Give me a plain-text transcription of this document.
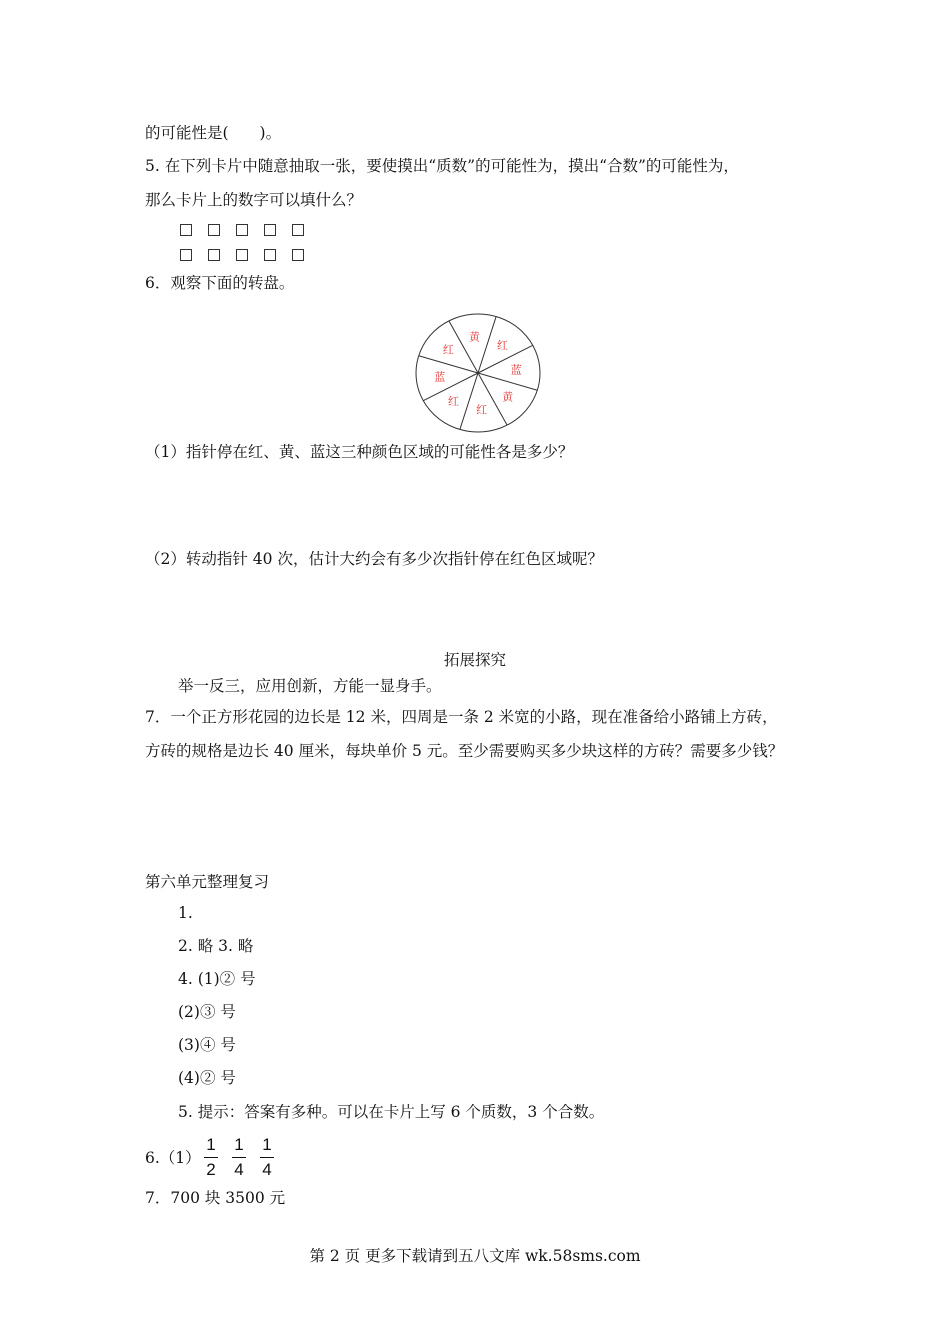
的可能性是(　　)。
5. 在下列卡片中随意抽取一张，要使摸出“质数”的可能性为，摸出“合数”的可能性为，
那么卡片上的数字可以填什么？
6．观察下面的转盘。
黄
红
蓝
黄
红
红
蓝
红
（1）指针停在红、黄、蓝这三种颜色区域的可能性各是多少？
（2）转动指针 40 次，估计大约会有多少次指针停在红色区域呢？
拓展探究
举一反三，应用创新，方能一显身手。
7．一个正方形花园的边长是 12 米，四周是一条 2 米宽的小路，现在准备给小路铺上方砖，
方砖的规格是边长 40 厘米，每块单价 5 元。至少需要购买多少块这样的方砖？需要多少钱？
第六单元整理复习
1.
2. 略 3. 略
4. (1)② 号
(2)③ 号
(3)④ 号
(4)② 号
5. 提示：答案有多种。可以在卡片上写 6 个质数，3 个合数。
6.（1）
1
2
1
4
1
4
7．700 块 3500 元
第 2 页 更多下载请到五八文库 wk.58sms.com
